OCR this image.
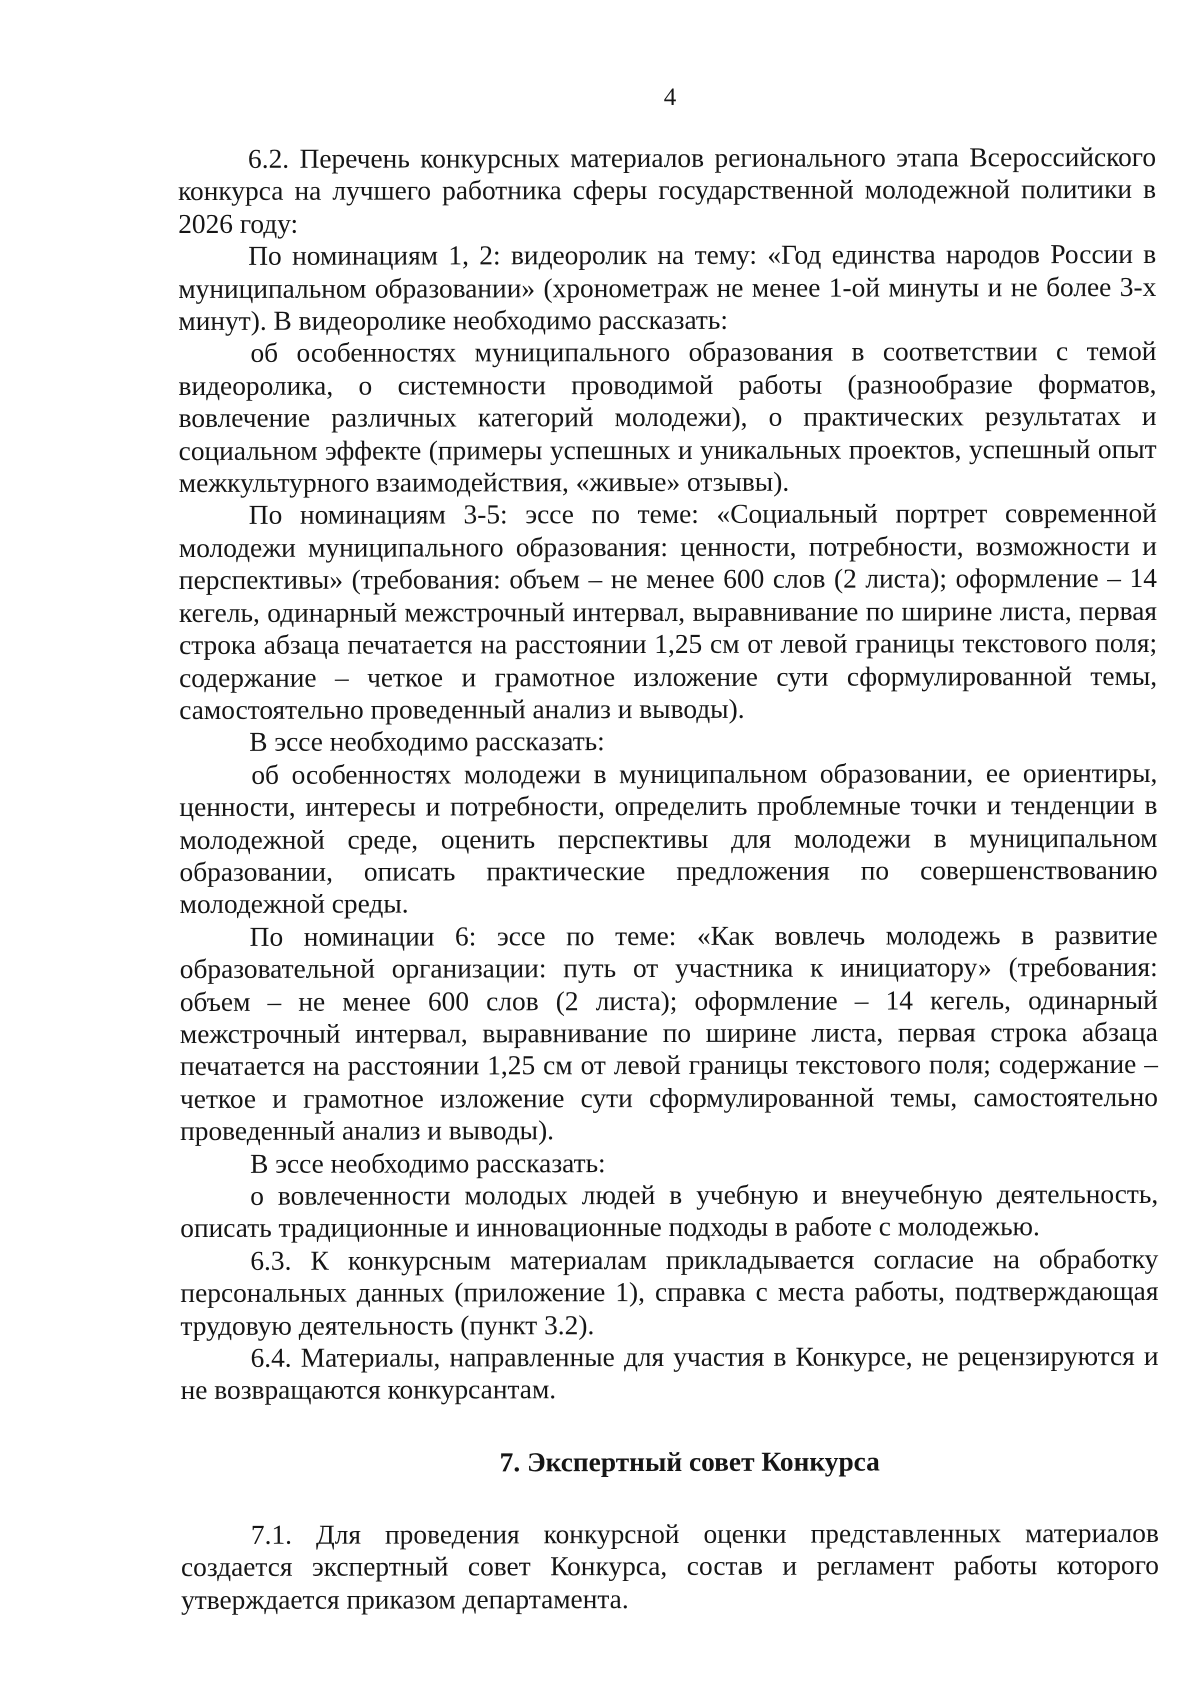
4

6.2. Перечень конкурсных материалов регионального этапа Всероссийского конкурса на лучшего работника сферы государственной молодежной политики в 2026 году:

По номинациям 1, 2: видеоролик на тему: «Год единства народов России в муниципальном образовании» (хронометраж не менее 1-ой минуты и не более 3-х минут). В видеоролике необходимо рассказать:

об особенностях муниципального образования в соответствии с темой видеоролика, о системности проводимой работы (разнообразие форматов, вовлечение различных категорий молодежи), о практических результатах и социальном эффекте (примеры успешных и уникальных проектов, успешный опыт межкультурного взаимодействия, «живые» отзывы).

По номинациям 3-5: эссе по теме: «Социальный портрет современной молодежи муниципального образования: ценности, потребности, возможности и перспективы» (требования: объем – не менее 600 слов (2 листа); оформление – 14 кегель, одинарный межстрочный интервал, выравнивание по ширине листа, первая строка абзаца печатается на расстоянии 1,25 см от левой границы текстового поля; содержание – четкое и грамотное изложение сути сформулированной темы, самостоятельно проведенный анализ и выводы).

В эссе необходимо рассказать:

об особенностях молодежи в муниципальном образовании, ее ориентиры, ценности, интересы и потребности, определить проблемные точки и тенденции в молодежной среде, оценить перспективы для молодежи в муниципальном образовании, описать практические предложения по совершенствованию молодежной среды.

По номинации 6: эссе по теме: «Как вовлечь молодежь в развитие образовательной организации: путь от участника к инициатору» (требования: объем – не менее 600 слов (2 листа); оформление – 14 кегель, одинарный межстрочный интервал, выравнивание по ширине листа, первая строка абзаца печатается на расстоянии 1,25 см от левой границы текстового поля; содержание – четкое и грамотное изложение сути сформулированной темы, самостоятельно проведенный анализ и выводы).

В эссе необходимо рассказать:

о вовлеченности молодых людей в учебную и внеучебную деятельность, описать традиционные и инновационные подходы в работе с молодежью.

6.3. К конкурсным материалам прикладывается согласие на обработку персональных данных (приложение 1), справка с места работы, подтверждающая трудовую деятельность (пункт 3.2).

6.4. Материалы, направленные для участия в Конкурсе, не рецензируются и не возвращаются конкурсантам.

7. Экспертный совет Конкурса

7.1. Для проведения конкурсной оценки представленных материалов создается экспертный совет Конкурса, состав и регламент работы которого утверждается приказом департамента.
